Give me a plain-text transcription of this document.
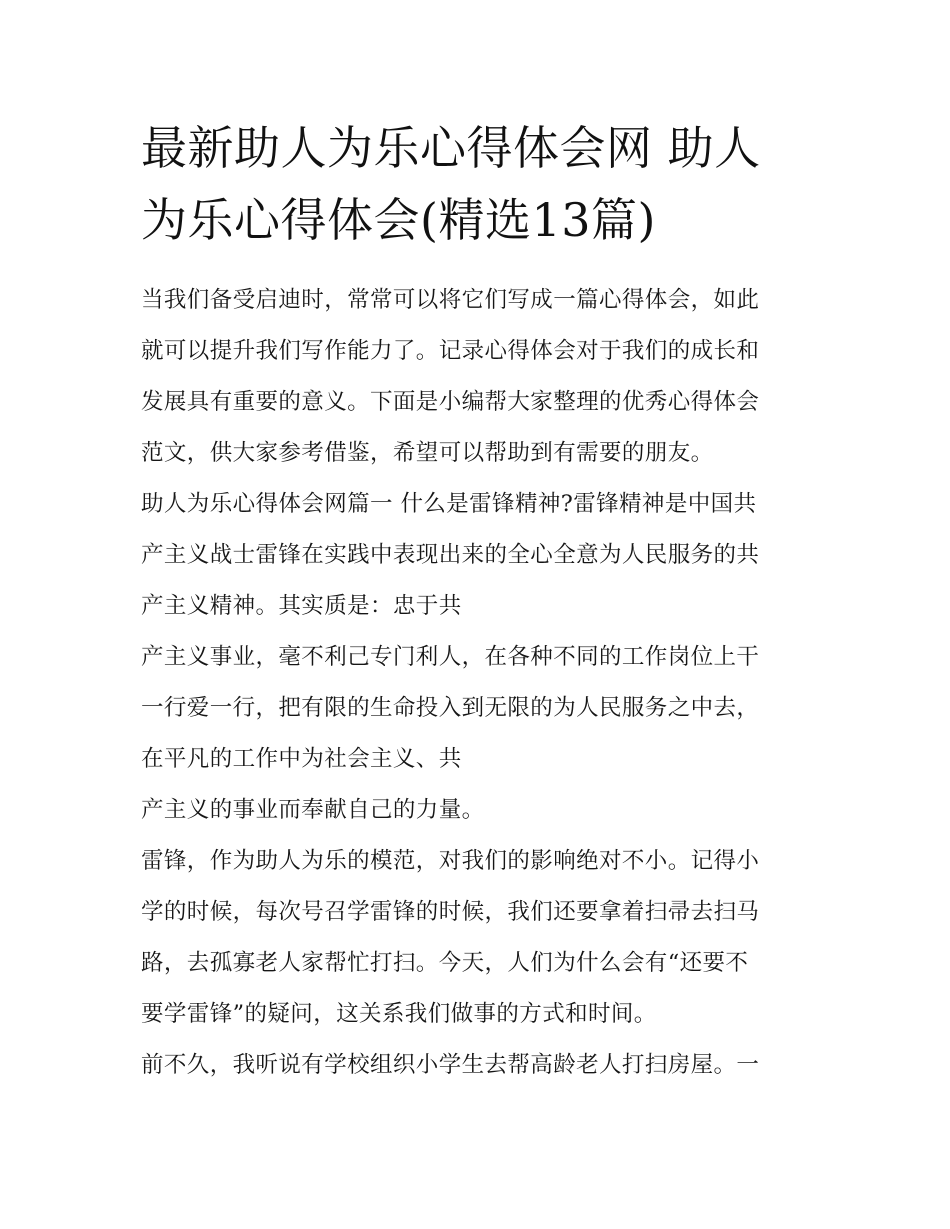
最新助人为乐心得体会网 助人
为乐心得体会(精选13篇)
当我们备受启迪时，常常可以将它们写成一篇心得体会，如此
就可以提升我们写作能力了。记录心得体会对于我们的成长和
发展具有重要的意义。下面是小编帮大家整理的优秀心得体会
范文，供大家参考借鉴，希望可以帮助到有需要的朋友。
助人为乐心得体会网篇一 什么是雷锋精神?雷锋精神是中国共
产主义战士雷锋在实践中表现出来的全心全意为人民服务的共
产主义精神。其实质是：忠于共
产主义事业，毫不利己专门利人，在各种不同的工作岗位上干
一行爱一行，把有限的生命投入到无限的为人民服务之中去，
在平凡的工作中为社会主义、共
产主义的事业而奉献自己的力量。
雷锋，作为助人为乐的模范，对我们的影响绝对不小。记得小
学的时候，每次号召学雷锋的时候，我们还要拿着扫帚去扫马
路，去孤寡老人家帮忙打扫。今天，人们为什么会有“还要不
要学雷锋”的疑问，这关系我们做事的方式和时间。
前不久，我听说有学校组织小学生去帮高龄老人打扫房屋。一
